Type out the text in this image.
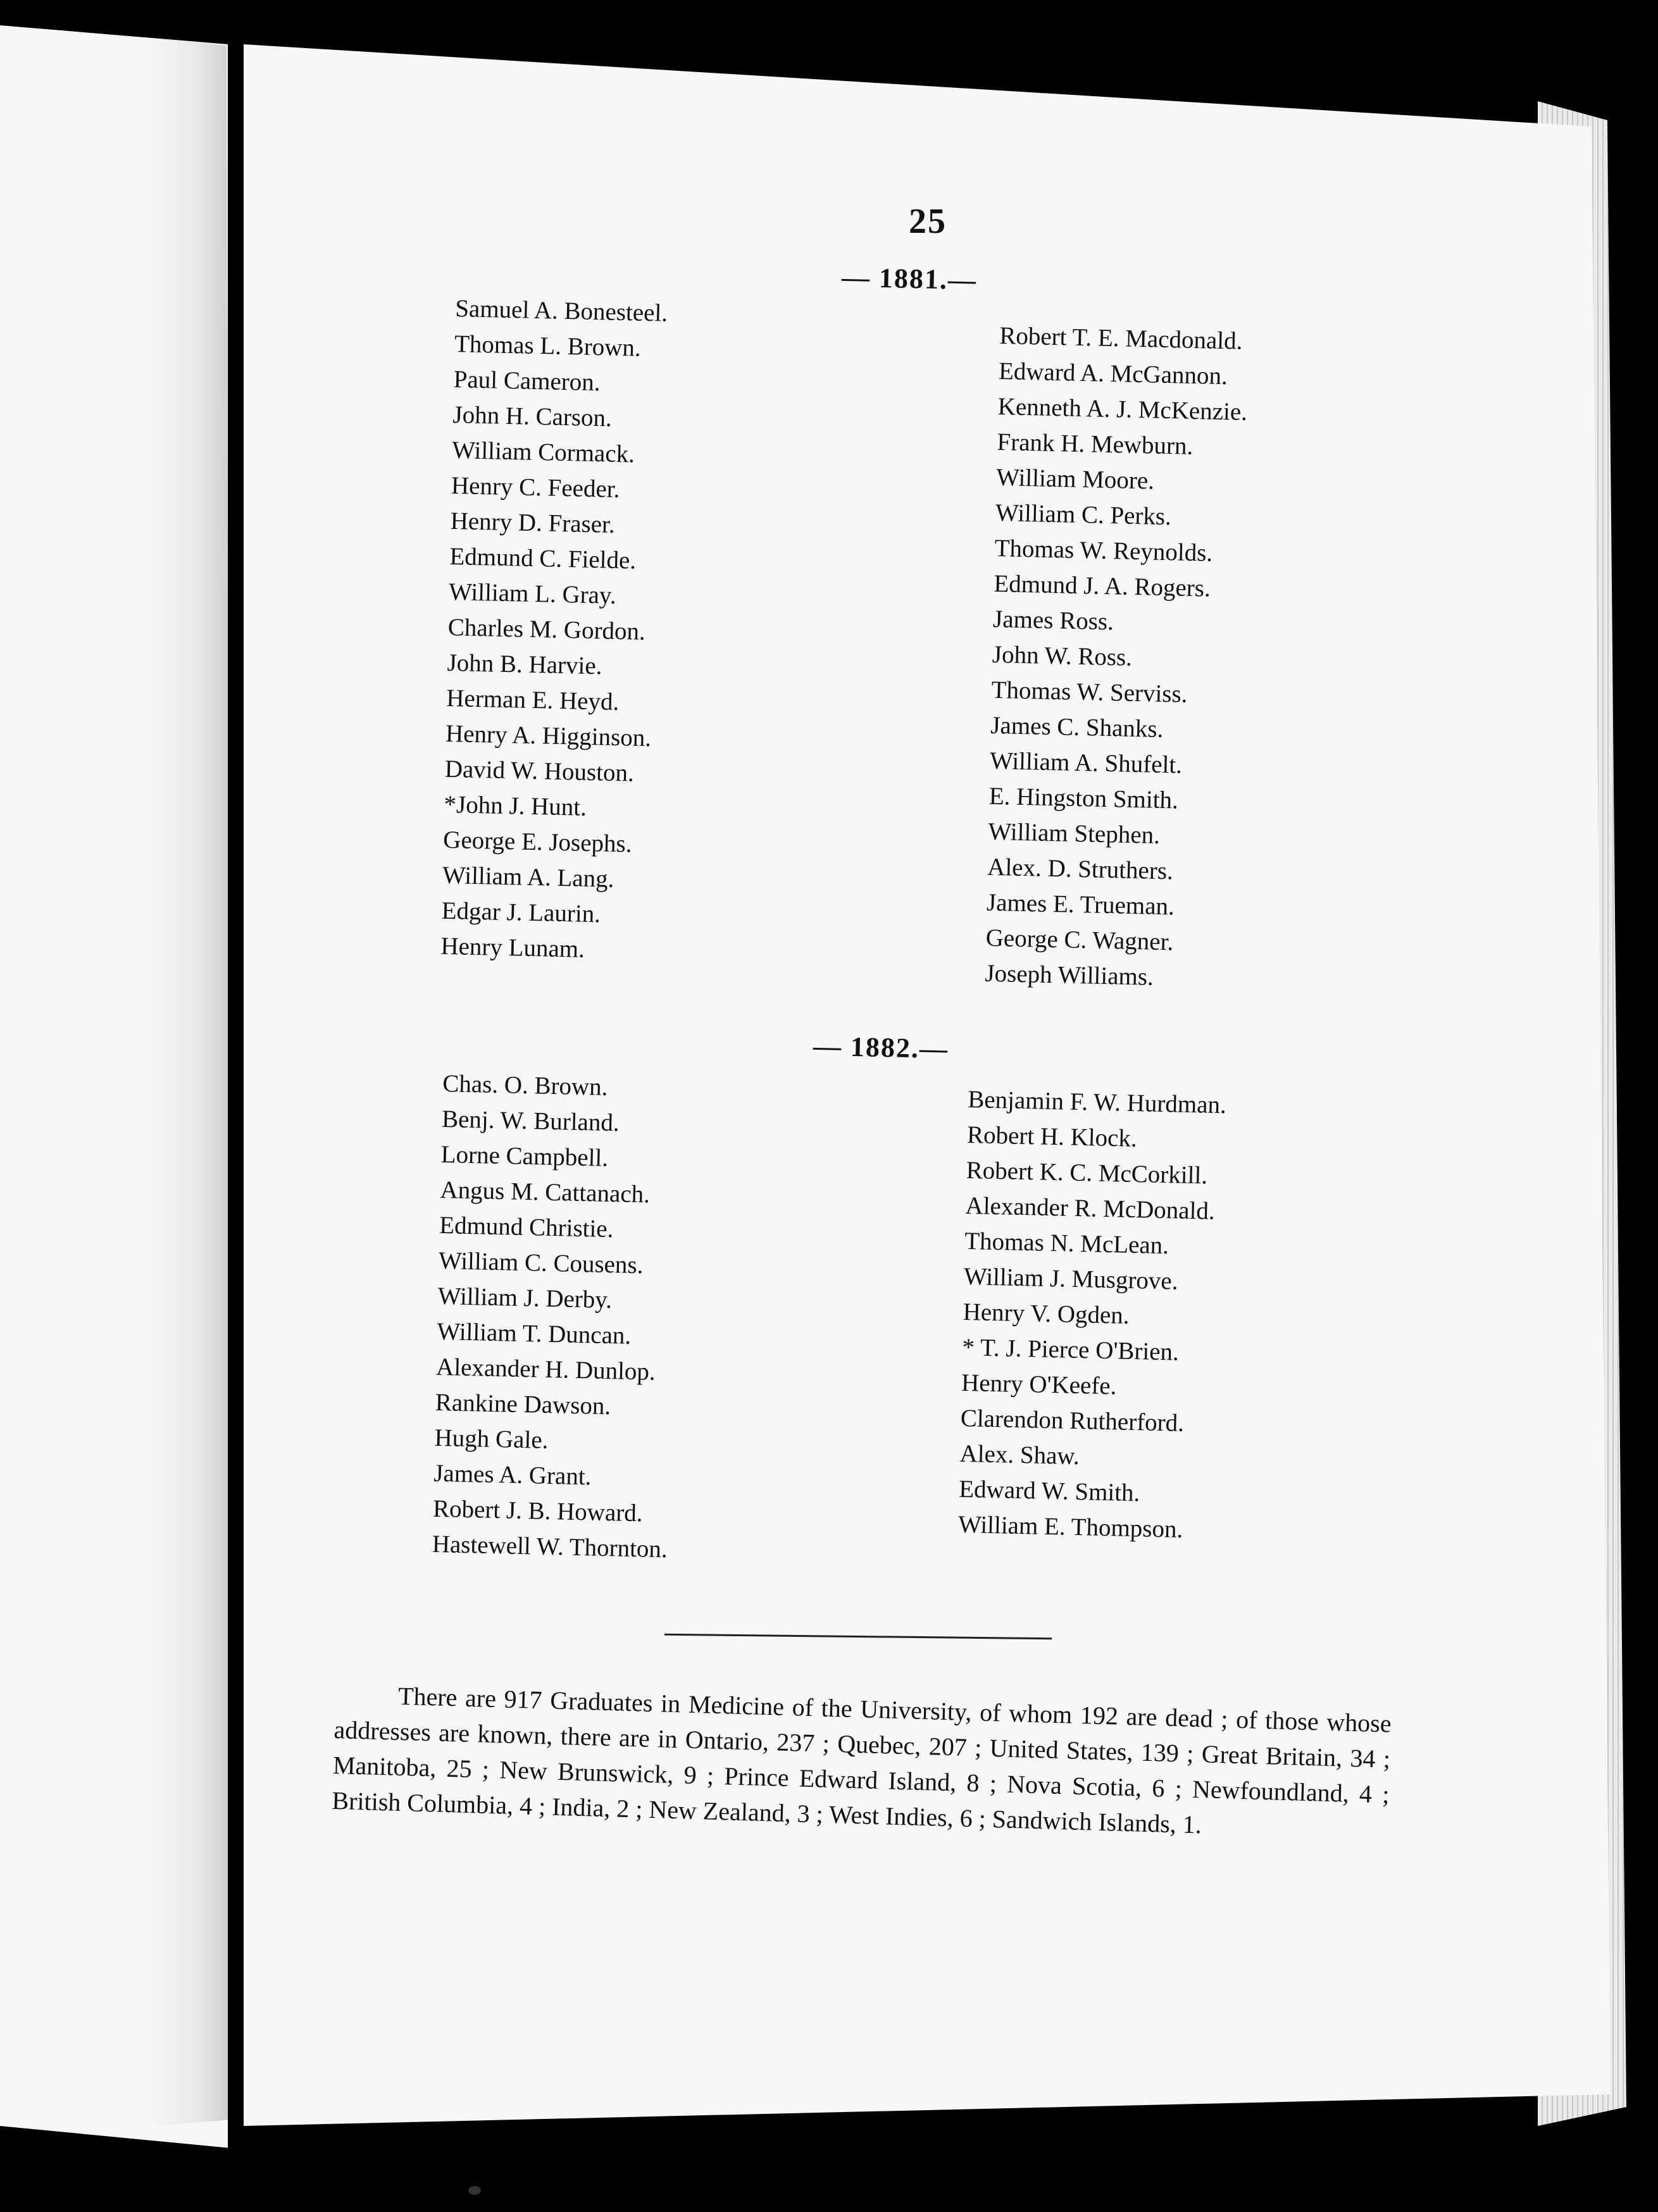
25
— 1881.—
Samuel A. Bonesteel.
Thomas L. Brown.
Paul Cameron.
John H. Carson.
William Cormack.
Henry C. Feeder.
Henry D. Fraser.
Edmund C. Fielde.
William L. Gray.
Charles M. Gordon.
John B. Harvie.
Herman E. Heyd.
Henry A. Higginson.
David W. Houston.
*John J. Hunt.
George E. Josephs.
William A. Lang.
Edgar J. Laurin.
Henry Lunam.
Robert T. E. Macdonald.
Edward A. McGannon.
Kenneth A. J. McKenzie.
Frank H. Mewburn.
William Moore.
William C. Perks.
Thomas W. Reynolds.
Edmund J. A. Rogers.
James Ross.
John W. Ross.
Thomas W. Serviss.
James C. Shanks.
William A. Shufelt.
E. Hingston Smith.
William Stephen.
Alex. D. Struthers.
James E. Trueman.
George C. Wagner.
Joseph Williams.
— 1882.—
Chas. O. Brown.
Benj. W. Burland.
Lorne Campbell.
Angus M. Cattanach.
Edmund Christie.
William C. Cousens.
William J. Derby.
William T. Duncan.
Alexander H. Dunlop.
Rankine Dawson.
Hugh Gale.
James A. Grant.
Robert J. B. Howard.
Hastewell W. Thornton.
Benjamin F. W. Hurdman.
Robert H. Klock.
Robert K. C. McCorkill.
Alexander R. McDonald.
Thomas N. McLean.
William J. Musgrove.
Henry V. Ogden.
* T. J. Pierce O'Brien.
Henry O'Keefe.
Clarendon Rutherford.
Alex. Shaw.
Edward W. Smith.
William E. Thompson.
There are 917 Graduates in Medicine of the University, of whom 192 are dead ; of those whose addresses are known, there are in Ontario, 237 ; Quebec, 207 ; United States, 139 ; Great Britain, 34 ; Manitoba, 25 ; New Brunswick, 9 ; Prince Edward Island, 8 ; Nova Scotia, 6 ; Newfoundland, 4 ; British Columbia, 4 ; India, 2 ; New Zealand, 3 ; West Indies, 6 ; Sandwich Islands, 1.
